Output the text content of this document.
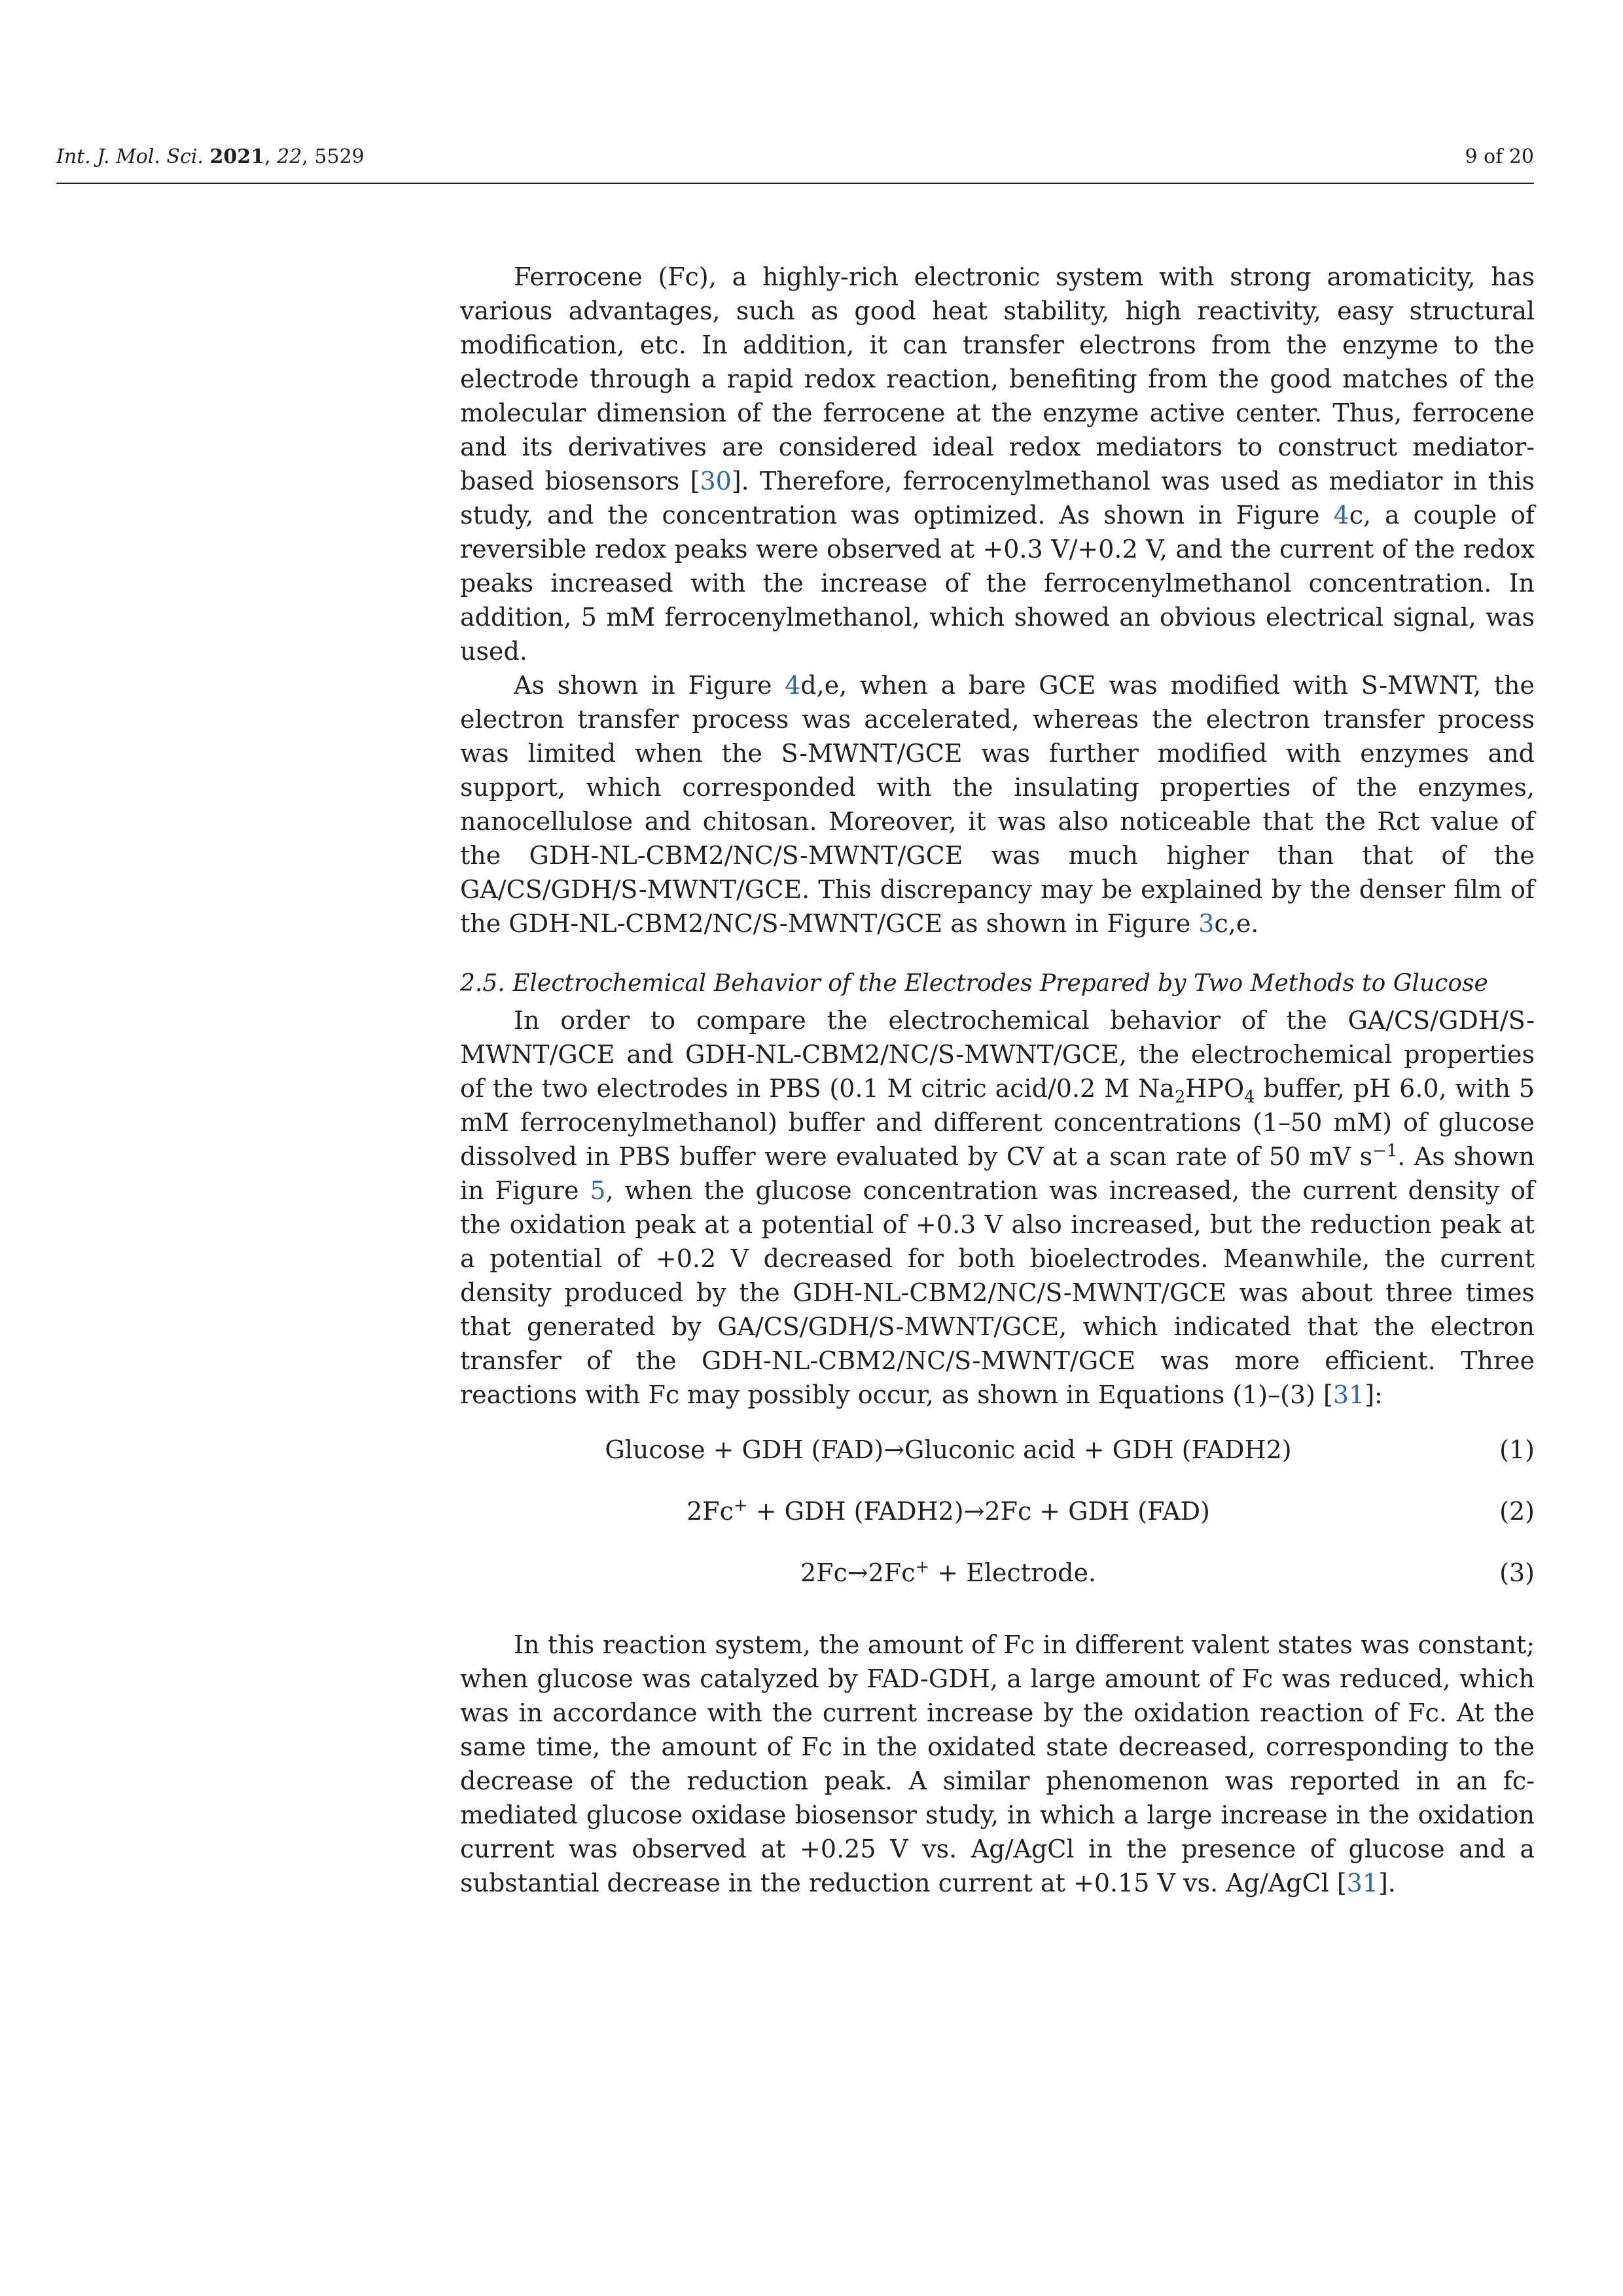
Int. J. Mol. Sci. 2021, 22, 5529	9 of 20

Ferrocene (Fc), a highly-rich electronic system with strong aromaticity, has various advantages, such as good heat stability, high reactivity, easy structural modification, etc. In addition, it can transfer electrons from the enzyme to the electrode through a rapid redox reaction, benefiting from the good matches of the molecular dimension of the ferrocene at the enzyme active center. Thus, ferrocene and its derivatives are considered ideal redox mediators to construct mediator-based biosensors [30]. Therefore, ferrocenylmethanol was used as mediator in this study, and the concentration was optimized. As shown in Figure 4c, a couple of reversible redox peaks were observed at +0.3 V/+0.2 V, and the current of the redox peaks increased with the increase of the ferrocenylmethanol concentration. In addition, 5 mM ferrocenylmethanol, which showed an obvious electrical signal, was used.

As shown in Figure 4d,e, when a bare GCE was modified with S-MWNT, the electron transfer process was accelerated, whereas the electron transfer process was limited when the S-MWNT/GCE was further modified with enzymes and support, which corresponded with the insulating properties of the enzymes, nanocellulose and chitosan. Moreover, it was also noticeable that the Rct value of the GDH-NL-CBM2/NC/S-MWNT/GCE was much higher than that of the GA/CS/GDH/S-MWNT/GCE. This discrepancy may be explained by the denser film of the GDH-NL-CBM2/NC/S-MWNT/GCE as shown in Figure 3c,e.

2.5. Electrochemical Behavior of the Electrodes Prepared by Two Methods to Glucose

In order to compare the electrochemical behavior of the GA/CS/GDH/S-MWNT/GCE and GDH-NL-CBM2/NC/S-MWNT/GCE, the electrochemical properties of the two electrodes in PBS (0.1 M citric acid/0.2 M $Na_2HPO_4$ buffer, pH 6.0, with 5 mM ferrocenylmethanol) buffer and different concentrations (1–50 mM) of glucose dissolved in PBS buffer were evaluated by CV at a scan rate of 50 mV $s^{-1}$. As shown in Figure 5, when the glucose concentration was increased, the current density of the oxidation peak at a potential of +0.3 V also increased, but the reduction peak at a potential of +0.2 V decreased for both bioelectrodes. Meanwhile, the current density produced by the GDH-NL-CBM2/NC/S-MWNT/GCE was about three times that generated by GA/CS/GDH/S-MWNT/GCE, which indicated that the electron transfer of the GDH-NL-CBM2/NC/S-MWNT/GCE was more efficient. Three reactions with Fc may possibly occur, as shown in Equations (1)–(3) [31]:

Glucose + GDH (FAD)→Gluconic acid + GDH (FADH2)	(1)
2Fc+ + GDH (FADH2)→2Fc + GDH (FAD)	(2)
2Fc→2Fc+ + Electrode.	(3)

In this reaction system, the amount of Fc in different valent states was constant; when glucose was catalyzed by FAD-GDH, a large amount of Fc was reduced, which was in accordance with the current increase by the oxidation reaction of Fc. At the same time, the amount of Fc in the oxidated state decreased, corresponding to the decrease of the reduction peak. A similar phenomenon was reported in an fc-mediated glucose oxidase biosensor study, in which a large increase in the oxidation current was observed at +0.25 V vs. Ag/AgCl in the presence of glucose and a substantial decrease in the reduction current at +0.15 V vs. Ag/AgCl [31].
